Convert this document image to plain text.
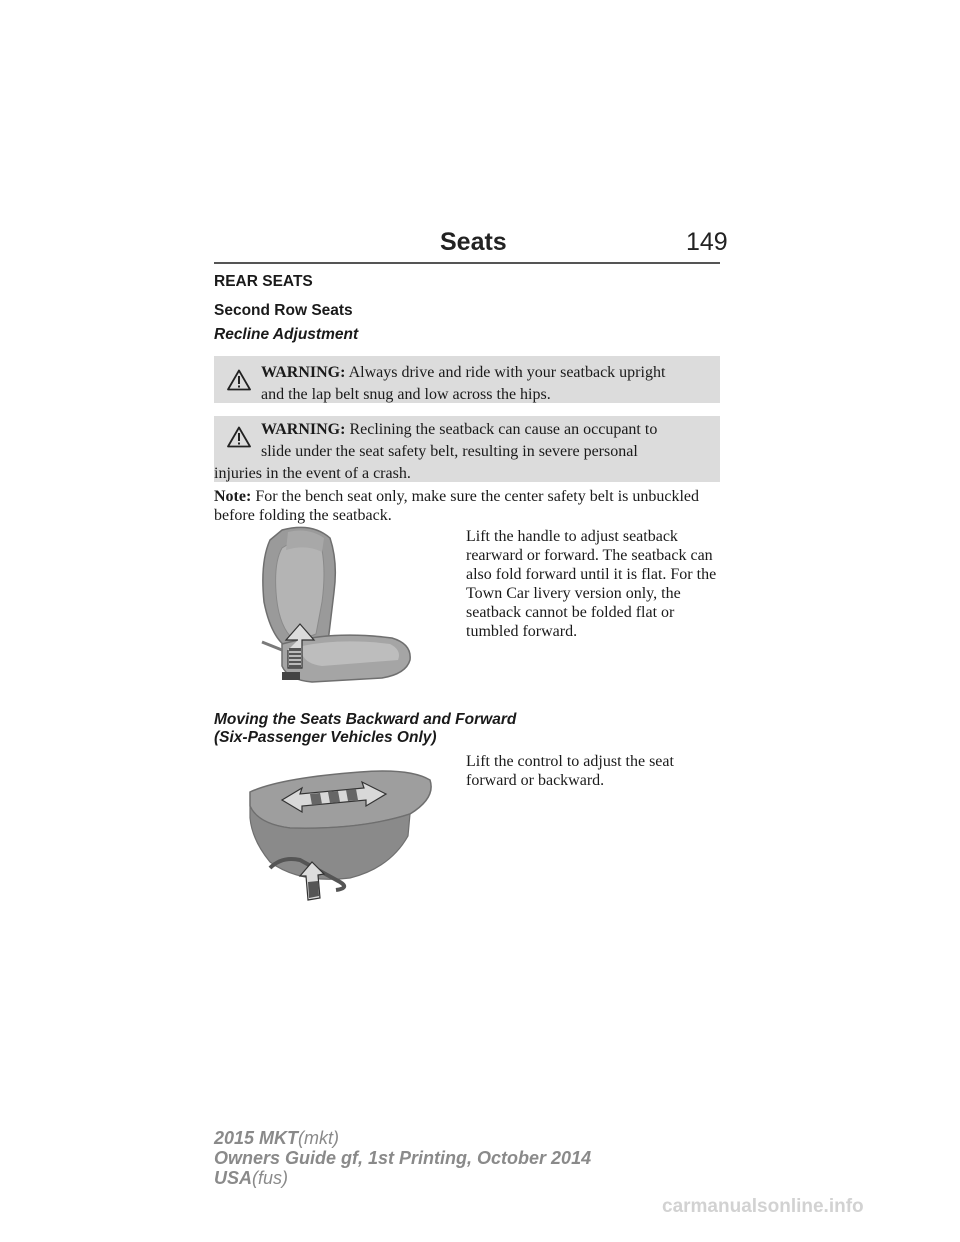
Seats	149
REAR SEATS
Second Row Seats
Recline Adjustment
WARNING: Always drive and ride with your seatback upright
and the lap belt snug and low across the hips.
WARNING: Reclining the seatback can cause an occupant to
slide under the seat safety belt, resulting in severe personal
injuries in the event of a crash.
Note: For the bench seat only, make sure the center safety belt is unbuckled before folding the seatback.
Lift the handle to adjust seatback rearward or forward. The seatback can also fold forward until it is flat. For the Town Car livery version only, the seatback cannot be folded flat or tumbled forward.
Moving the Seats Backward and Forward
(Six-Passenger Vehicles Only)
Lift the control to adjust the seat forward or backward.
2015 MKT(mkt)
Owners Guide gf, 1st Printing, October 2014
USA(fus)
carmanualsonline.info
